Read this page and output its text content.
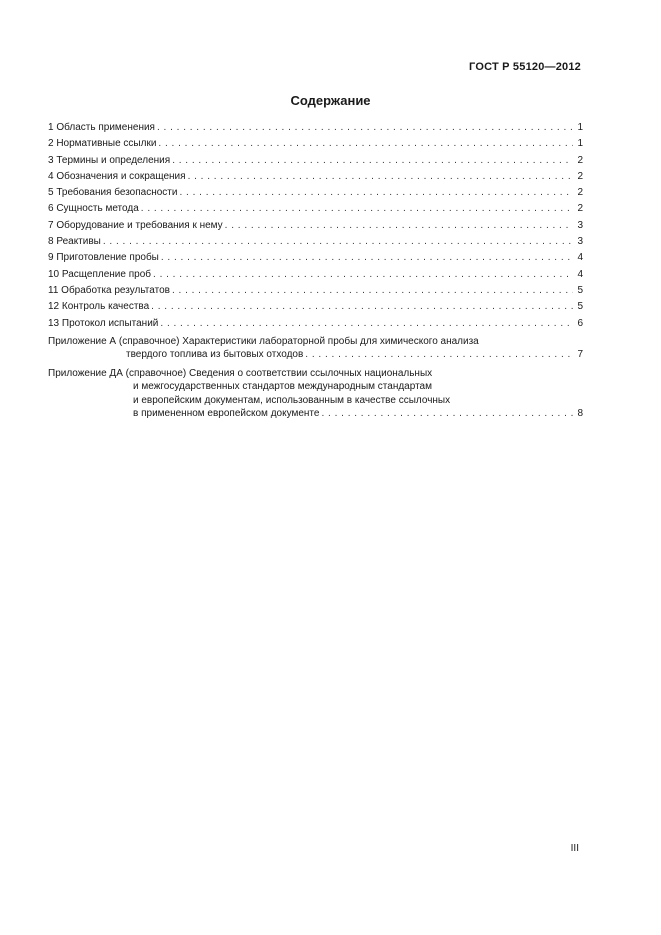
ГОСТ Р 55120—2012
Содержание
1 Область применения . . .	1
2 Нормативные ссылки . . .	1
3 Термины и определения . . .	2
4 Обозначения и сокращения . . .	2
5 Требования безопасности . . .	2
6 Сущность метода . . .	2
7 Оборудование и требования к нему . . .	3
8 Реактивы . . .	3
9 Приготовление пробы . . .	4
10 Расщепление проб . . .	4
11 Обработка результатов . . .	5
12 Контроль качества . . .	5
13 Протокол испытаний . . .	6
Приложение А (справочное) Характеристики лабораторной пробы для химического анализа
твердого топлива из бытовых отходов . . .	7
Приложение ДА (справочное) Сведения о соответствии ссылочных национальных
и межгосударственных стандартов международным стандартам
и европейским документам, использованным в качестве ссылочных
в примененном европейском документе . . .	8
III
